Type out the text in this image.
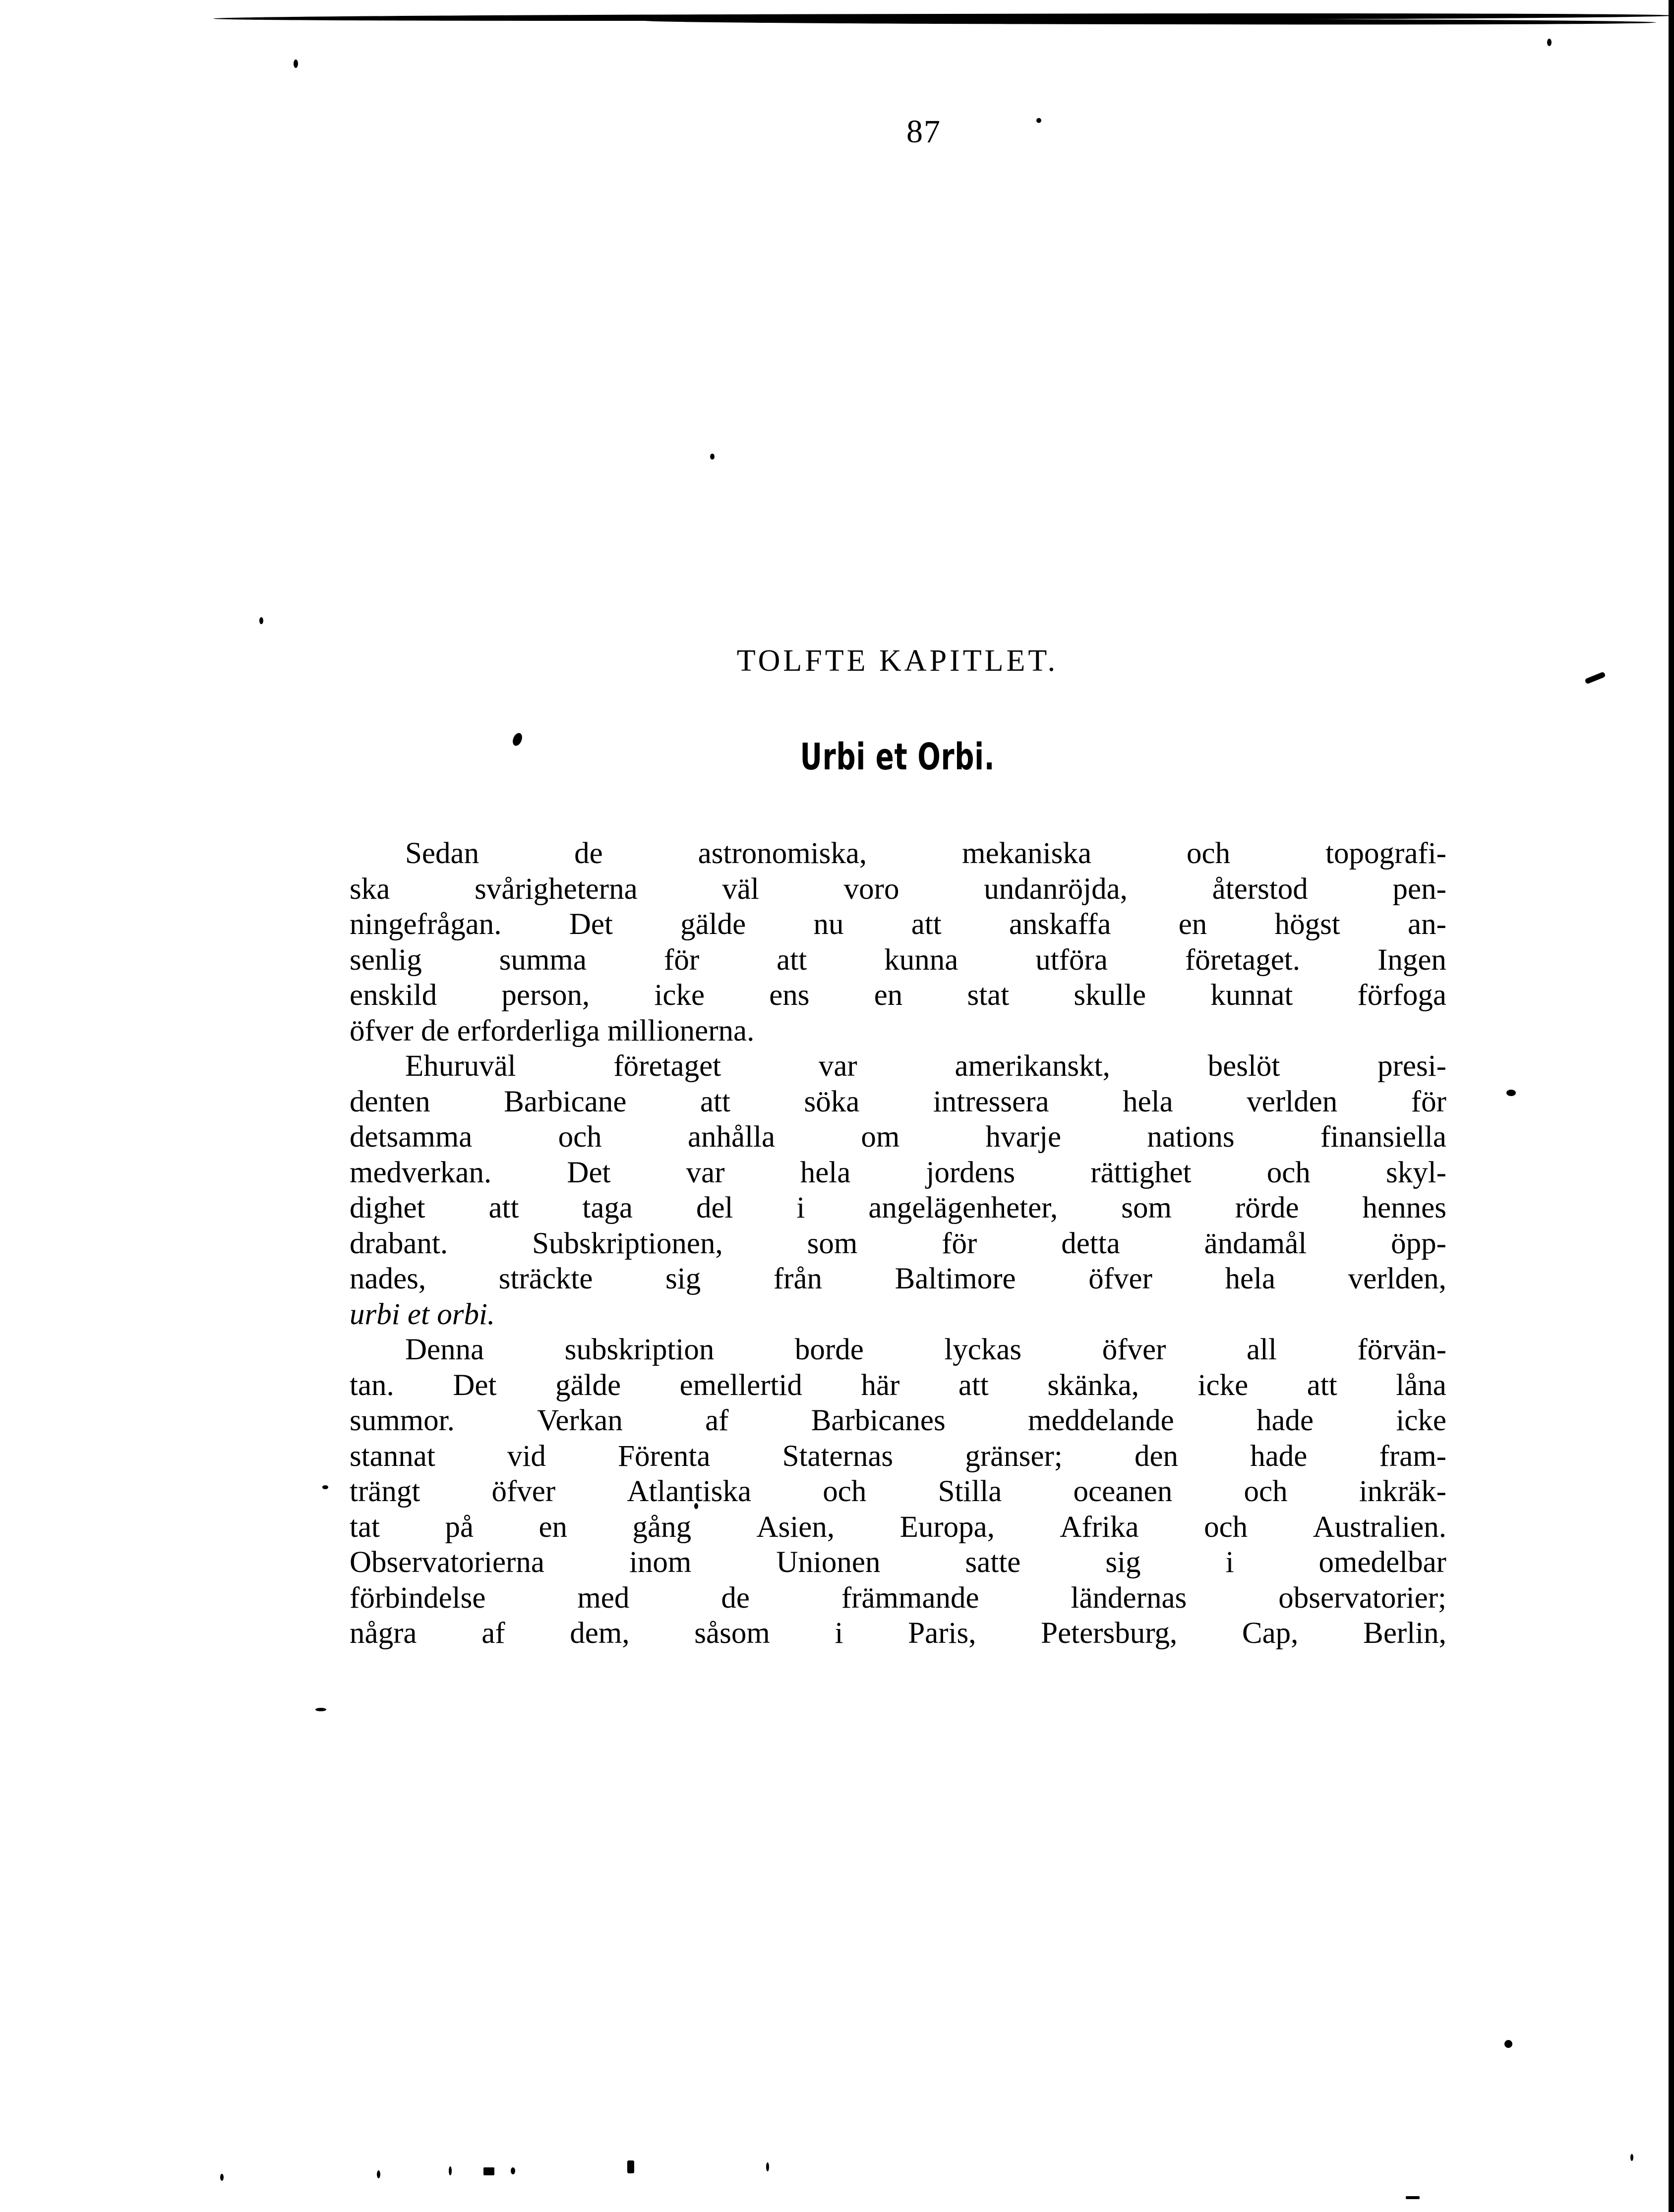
87
TOLFTE KAPITLET.
Urbi et Orbi.
Sedan	de	astronomiska,	mekaniska	och	topografi-
ska	svårigheterna	väl	voro	undanröjda,	återstod	pen-
ningefrågan. Det gälde nu att anskaffa en högst an-
senlig	summa	för	att	kunna	utföra	företaget.	Ingen
enskild person, icke ens en stat skulle kunnat förfoga
öfver de erforderliga millionerna.
Ehuruväl	företaget	var	amerikanskt,	beslöt	presi-
denten Barbicane att söka intressera hela verlden för
detsamma	och	anhålla	om	hvarje	nations	finansiella
medverkan. Det var hela jordens rättighet och skyl-
dighet att taga del i angelägenheter, som rörde hennes
drabant.	Subskriptionen,	som	för	detta	ändamål	öpp-
nades, sträckte sig från Baltimore öfver hela verlden,
urbi et orbi.
Denna	subskription	borde	lyckas	öfver	all	förvän-
tan. Det gälde emellertid här att skänka, icke att låna
summor.	Verkan	af	Barbicanes	meddelande	hade	icke
stannat vid Förenta Staternas gränser; den hade fram-
trängt öfver Atlantiska och Stilla oceanen och inkräk-
tat på en gång Asien, Europa, Afrika och Australien.
Observatorierna	inom	Unionen	satte	sig	i	omedelbar
förbindelse	med	de	främmande	ländernas	observatorier;
några af dem, såsom i Paris, Petersburg, Cap, Berlin,
